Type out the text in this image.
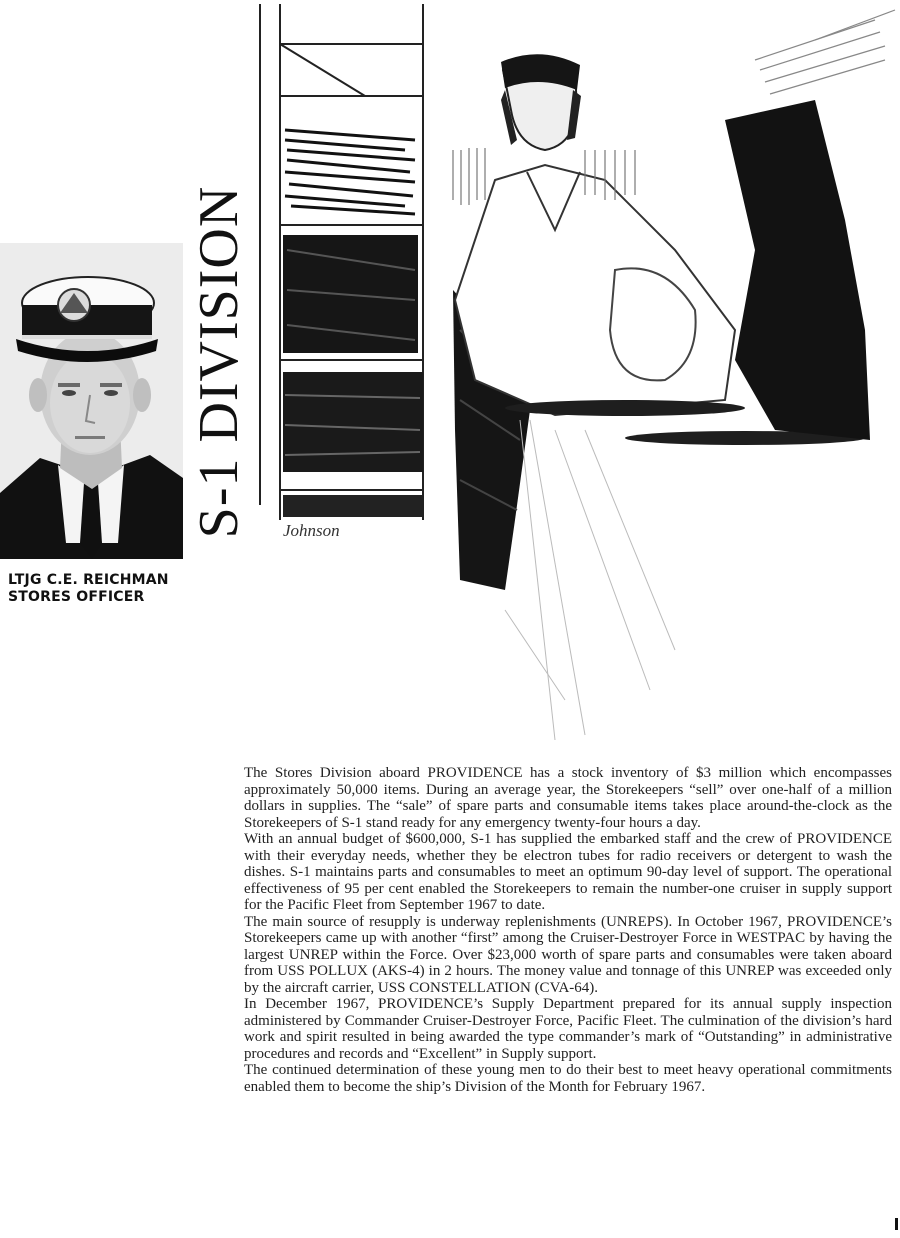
LTJG C.E. REICHMAN
STORES OFFICER
S-1 DIVISION Johnson

The Stores Division aboard PROVIDENCE has a stock inventory of $3 million which encompasses approximately 50,000 items. During an average year, the Storekeepers “sell” over one-half of a million dollars in supplies. The “sale” of spare parts and consumable items takes place around-the-clock as the Storekeepers of S-1 stand ready for any emergency twenty-four hours a day.

With an annual budget of $600,000, S-1 has supplied the embarked staff and the crew of PROVIDENCE with their everyday needs, whether they be electron tubes for radio receivers or detergent to wash the dishes. S-1 maintains parts and consumables to meet an optimum 90-day level of support. The operational effectiveness of 95 per cent enabled the Storekeepers to remain the number-one cruiser in supply support for the Pacific Fleet from September 1967 to date.

The main source of resupply is underway replenishments (UNREPS). In October 1967, PROVIDENCE’s Storekeepers came up with another “first” among the Cruiser-Destroyer Force in WESTPAC by having the largest UNREP within the Force. Over $23,000 worth of spare parts and consumables were taken aboard from USS POLLUX (AKS-4) in 2 hours. The money value and tonnage of this UNREP was exceeded only by the aircraft carrier, USS CONSTELLATION (CVA-64).

In December 1967, PROVIDENCE’s Supply Department prepared for its annual supply inspection administered by Commander Cruiser-Destroyer Force, Pacific Fleet. The culmination of the division’s hard work and spirit resulted in being awarded the type commander’s mark of “Outstanding” in administrative procedures and records and “Excellent” in Supply support.

The continued determination of these young men to do their best to meet heavy operational commitments enabled them to become the ship’s Division of the Month for February 1967.
